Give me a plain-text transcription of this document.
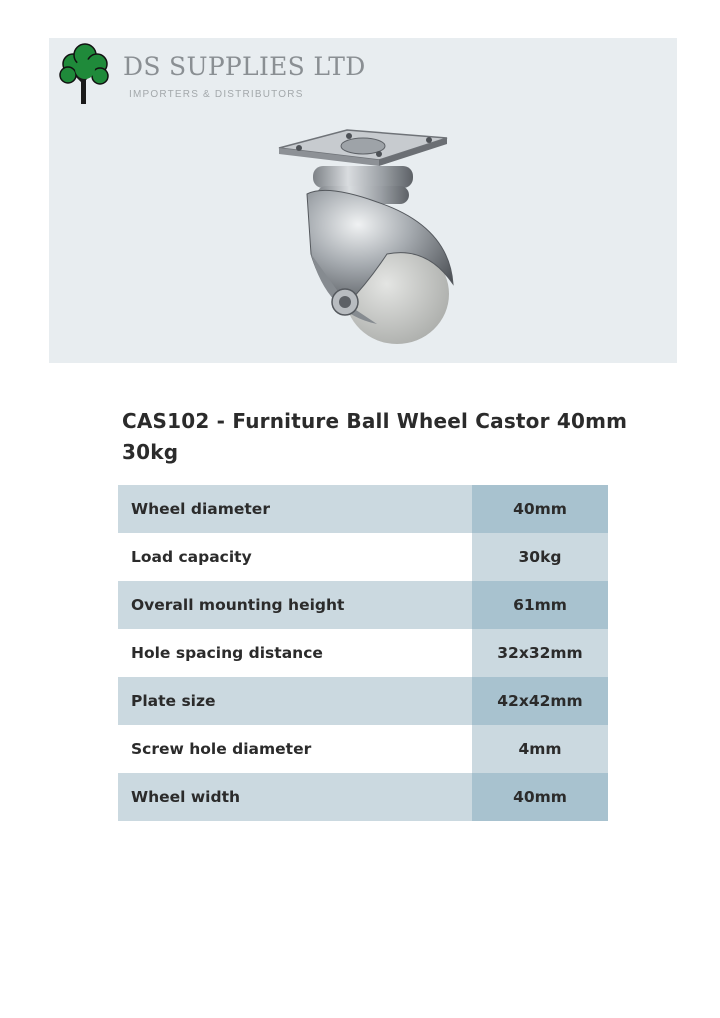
DS SUPPLIES LTD
IMPORTERS & DISTRIBUTORS
CAS102 - Furniture Ball Wheel Castor 40mm 30kg
Wheel diameter	40mm
Load capacity	30kg
Overall mounting height	61mm
Hole spacing distance	32x32mm
Plate size	42x42mm
Screw hole diameter	4mm
Wheel width	40mm
